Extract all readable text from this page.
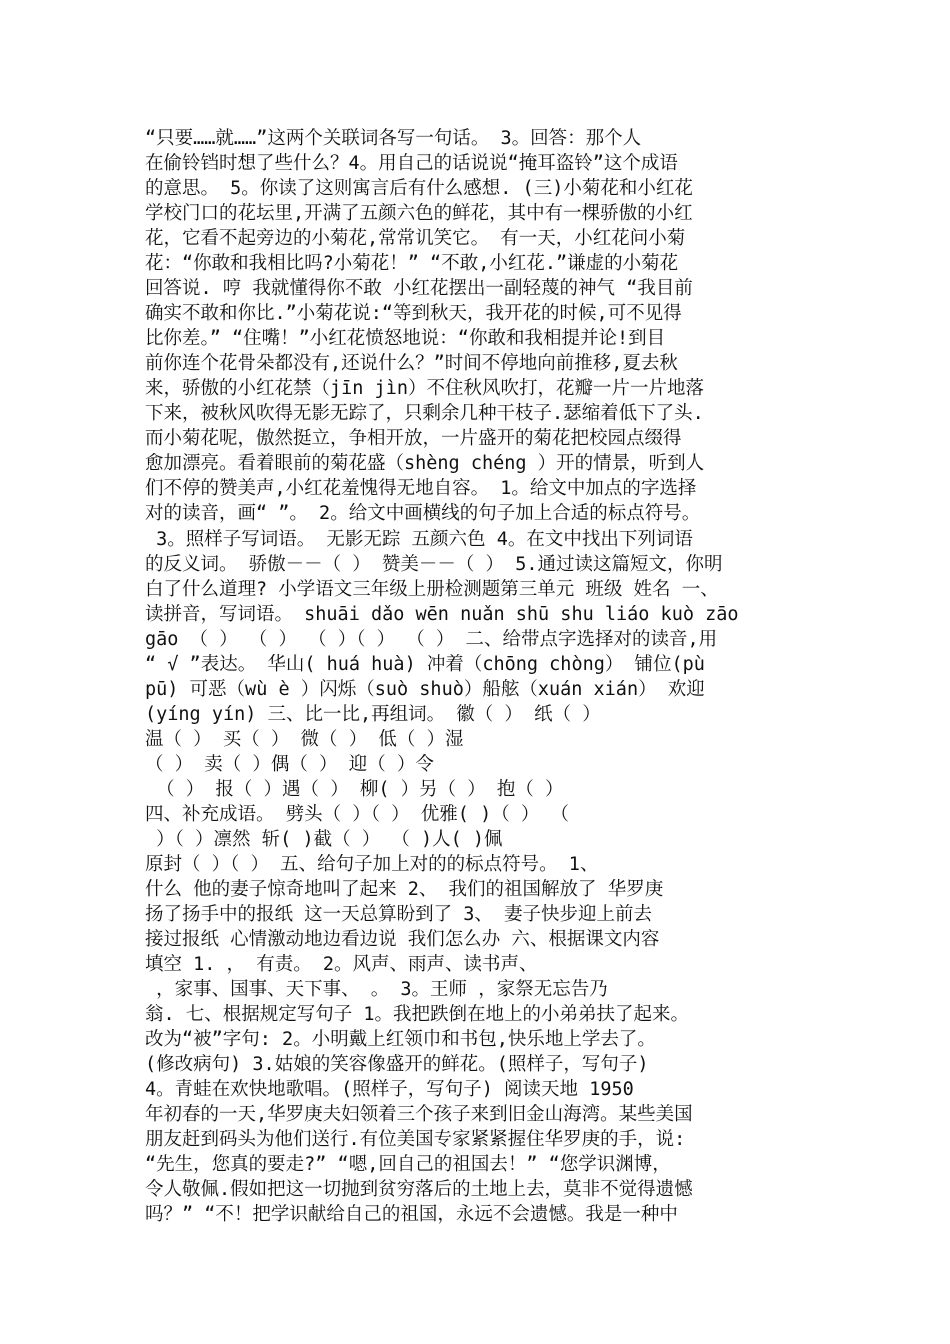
“只要……就……”这两个关联词各写一句话。 3。回答：那个人
在偷铃铛时想了些什么？4。用自己的话说说“掩耳盗铃”这个成语
的意思。 5。你读了这则寓言后有什么感想. (三)小菊花和小红花
学校门口的花坛里,开满了五颜六色的鲜花，其中有一棵骄傲的小红
花，它看不起旁边的小菊花,常常讥笑它。 有一天，小红花问小菊
花：“你敢和我相比吗?小菊花！” “不敢,小红花.”谦虚的小菊花
回答说. 哼 我就懂得你不敢 小红花摆出一副轻蔑的神气 “我目前
确实不敢和你比.”小菊花说:“等到秋天，我开花的时候,可不见得
比你差。” “住嘴！”小红花愤怒地说：“你敢和我相提并论!到目
前你连个花骨朵都没有,还说什么？”时间不停地向前推移,夏去秋
来，骄傲的小红花禁（jīn jìn）不住秋风吹打，花瓣一片一片地落
下来，被秋风吹得无影无踪了，只剩余几种干枝子.瑟缩着低下了头.
而小菊花呢，傲然挺立，争相开放，一片盛开的菊花把校园点缀得
愈加漂亮。看着眼前的菊花盛（shèng chéng ）开的情景，听到人
们不停的赞美声,小红花羞愧得无地自容。 1。给文中加点的字选择
对的读音，画“ ”。 2。给文中画横线的句子加上合适的标点符号。
3。照样子写词语。 无影无踪 五颜六色 4。在文中找出下列词语
的反义词。 骄傲－－（ ） 赞美－－（ ） 5.通过读这篇短文，你明
白了什么道理? 小学语文三年级上册检测题第三单元 班级 姓名 一、
读拼音，写词语。 shuāi dǎo wēn nuǎn shū shu liáo kuò zāo
gāo （ ） （ ） （ ）（ ） （ ） 二、给带点字选择对的读音,用
“ √ ”表达。 华山( huá huà) 冲着（chōng chòng） 铺位(pù
pū) 可恶（wù è ）闪烁（suò shuò）船舷（xuán xián） 欢迎
(yíng yín) 三、比一比,再组词。 徽（ ） 纸（ ）
温（ ） 买（ ） 微（ ） 低（ ）湿
（ ） 卖（ ）偶（ ） 迎（ ）令
（ ） 报（ ）遇（ ） 柳( ）另（ ） 抱（ ）
四、补充成语。 劈头（ ）（ ） 优雅( )（ ） （
）（ ）凛然 斩( )截（ ） （ )人( )佩
原封（ ）（ ） 五、给句子加上对的的标点符号。 1、
什么 他的妻子惊奇地叫了起来 2、 我们的祖国解放了 华罗庚
扬了扬手中的报纸 这一天总算盼到了 3、 妻子快步迎上前去
接过报纸 心情激动地边看边说 我们怎么办 六、根据课文内容
填空 1. ， 有责。 2。风声、雨声、读书声、
，家事、国事、天下事、 。 3。王师 ，家祭无忘告乃
翁. 七、根据规定写句子 1。我把跌倒在地上的小弟弟扶了起来。
改为“被”字句: 2。小明戴上红领巾和书包,快乐地上学去了。
(修改病句) 3.姑娘的笑容像盛开的鲜花。(照样子，写句子)
4。青蛙在欢快地歌唱。(照样子，写句子) 阅读天地 1950
年初春的一天,华罗庚夫妇领着三个孩子来到旧金山海湾。某些美国
朋友赶到码头为他们送行.有位美国专家紧紧握住华罗庚的手，说:
“先生，您真的要走?” “嗯,回自己的祖国去！” “您学识渊博，
令人敬佩.假如把这一切抛到贫穷落后的土地上去，莫非不觉得遗憾
吗？” “不！把学识献给自己的祖国，永远不会遗憾。我是一种中
